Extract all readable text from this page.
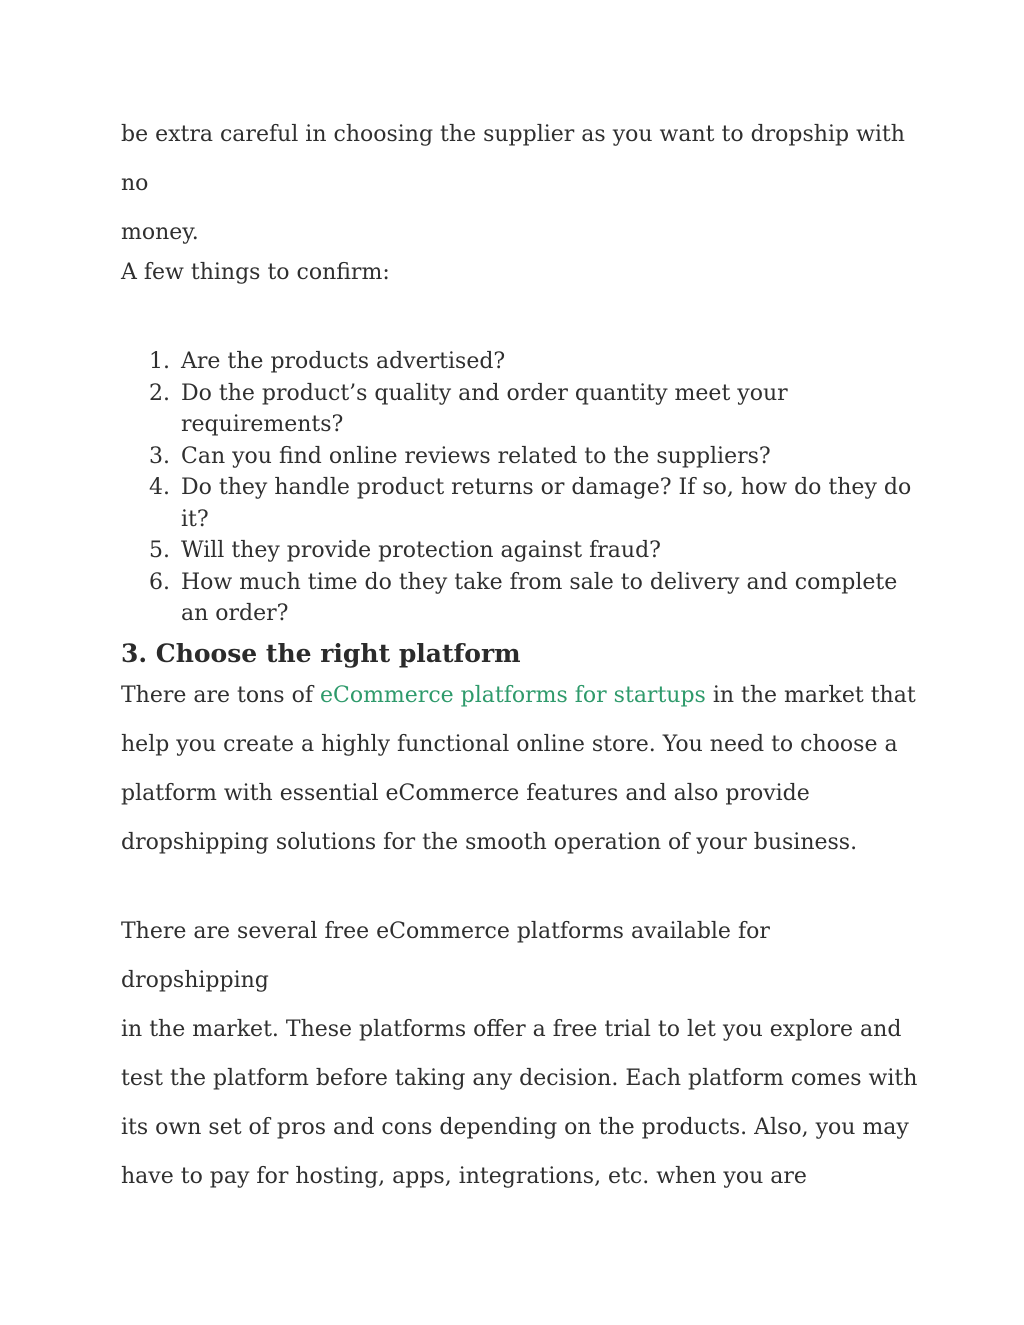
be extra careful in choosing the supplier as you want to dropship with no
money.
A few things to confirm:
1. Are the products advertised?
2. Do the product’s quality and order quantity meet your requirements?
3. Can you find online reviews related to the suppliers?
4. Do they handle product returns or damage? If so, how do they do it?
5. Will they provide protection against fraud?
6. How much time do they take from sale to delivery and complete an order?
3. Choose the right platform
There are tons of eCommerce platforms for startups in the market that
help you create a highly functional online store. You need to choose a
platform with essential eCommerce features and also provide
dropshipping solutions for the smooth operation of your business.
There are several free eCommerce platforms available for dropshipping
in the market. These platforms offer a free trial to let you explore and
test the platform before taking any decision. Each platform comes with
its own set of pros and cons depending on the products. Also, you may
have to pay for hosting, apps, integrations, etc. when you are
